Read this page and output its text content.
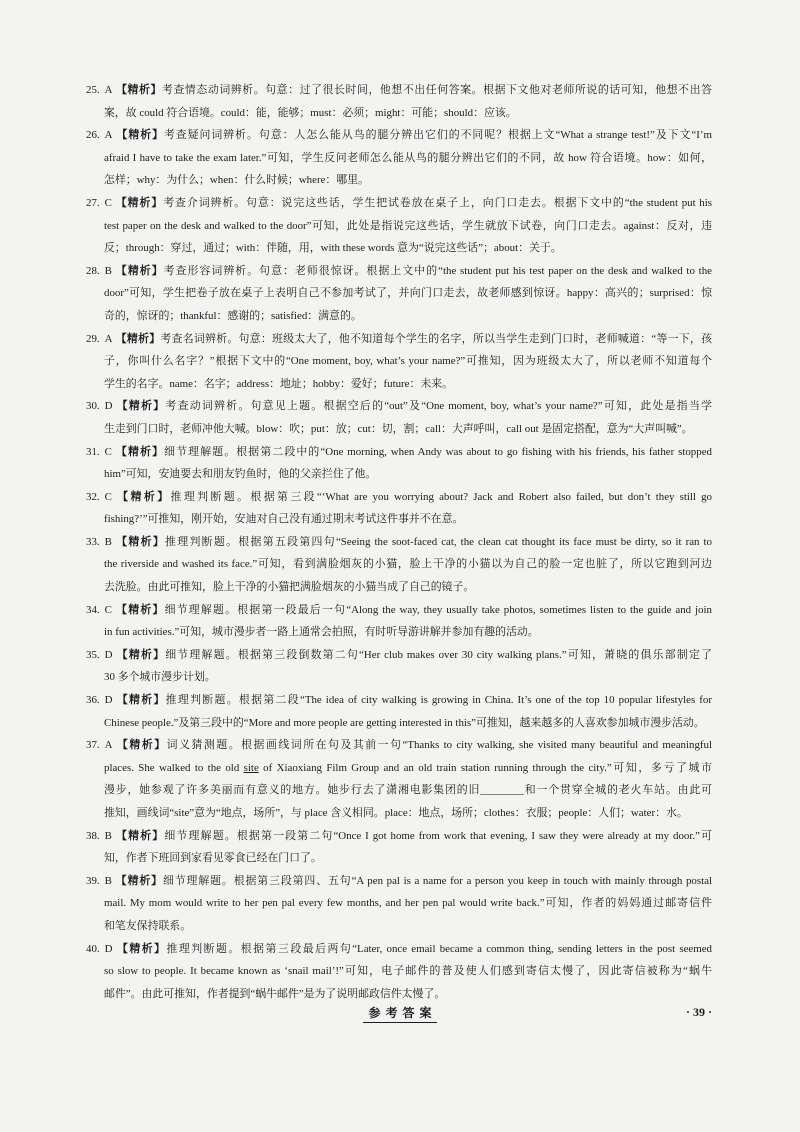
25. A 【精析】考查情态动词辨析。句意：过了很长时间，他想不出任何答案。根据下文他对老师所说的话可知，他想不出答
案，故 could 符合语境。could：能，能够；must：必须；might：可能；should：应该。
26. A 【精析】考查疑问词辨析。句意：人怎么能从鸟的腿分辨出它们的不同呢？根据上文“What a strange test!”及下文“I’m
afraid I have to take the exam later.”可知，学生反问老师怎么能从鸟的腿分辨出它们的不同，故 how 符合语境。how：如何，
怎样；why：为什么；when：什么时候；where：哪里。
27. C 【精析】考查介词辨析。句意：说完这些话，学生把试卷放在桌子上，向门口走去。根据下文中的“the student put his
test paper on the desk and walked to the door”可知，此处是指说完这些话，学生就放下试卷，向门口走去。against：反对，违
反；through：穿过，通过；with：伴随，用，with these words 意为“说完这些话”；about：关于。
28. B 【精析】考查形容词辨析。句意：老师很惊讶。根据上文中的“the student put his test paper on the desk and walked to the
door”可知，学生把卷子放在桌子上表明自己不参加考试了，并向门口走去，故老师感到惊讶。happy：高兴的；surprised：惊
奇的，惊讶的；thankful：感谢的；satisfied：满意的。
29. A 【精析】考查名词辨析。句意：班级太大了，他不知道每个学生的名字，所以当学生走到门口时，老师喊道：“等一下，孩
子，你叫什么名字？”根据下文中的“One moment, boy, what’s your name?”可推知，因为班级太大了，所以老师不知道每个
学生的名字。name：名字；address：地址；hobby：爱好；future：未来。
30. D 【精析】考查动词辨析。句意见上题。根据空后的“out”及“One moment, boy, what’s your name?”可知，此处是指当学
生走到门口时，老师冲他大喊。blow：吹；put：放；cut：切，割；call：大声呼叫，call out 是固定搭配，意为“大声叫喊”。
31. C 【精析】细节理解题。根据第二段中的“One morning, when Andy was about to go fishing with his friends, his father stopped
him”可知，安迪要去和朋友钓鱼时，他的父亲拦住了他。
32. C 【精析】推理判断题。根据第三段“‘What are you worrying about? Jack and Robert also failed, but don’t they still go
fishing?’”可推知，刚开始，安迪对自己没有通过期末考试这件事并不在意。
33. B 【精析】推理判断题。根据第五段第四句“Seeing the soot-faced cat, the clean cat thought its face must be dirty, so it ran to
the riverside and washed its face.”可知，看到满脸烟灰的小猫，脸上干净的小猫以为自己的脸一定也脏了，所以它跑到河边
去洗脸。由此可推知，脸上干净的小猫把满脸烟灰的小猫当成了自己的镜子。
34. C 【精析】细节理解题。根据第一段最后一句“Along the way, they usually take photos, sometimes listen to the guide and join
in fun activities.”可知，城市漫步者一路上通常会拍照，有时听导游讲解并参加有趣的活动。
35. D 【精析】细节理解题。根据第三段倒数第二句“Her club makes over 30 city walking plans.”可知，萧晓的俱乐部制定了
30 多个城市漫步计划。
36. D 【精析】推理判断题。根据第二段“The idea of city walking is growing in China. It’s one of the top 10 popular lifestyles for
Chinese people.”及第三段中的“More and more people are getting interested in this”可推知，越来越多的人喜欢参加城市漫步活动。
37. A 【精析】词义猜测题。根据画线词所在句及其前一句“Thanks to city walking, she visited many beautiful and meaningful
places. She walked to the old site of Xiaoxiang Film Group and an old train station running through the city.”可知，多亏了城市
漫步，她参观了许多美丽而有意义的地方。她步行去了潇湘电影集团的旧________和一个贯穿全城的老火车站。由此可
推知，画线词“site”意为“地点，场所”，与 place 含义相同。place：地点，场所；clothes：衣服；people：人们；water：水。
38. B 【精析】细节理解题。根据第一段第二句“Once I got home from work that evening, I saw they were already at my door.”可
知，作者下班回到家看见零食已经在门口了。
39. B 【精析】细节理解题。根据第三段第四、五句“A pen pal is a name for a person you keep in touch with mainly through postal
mail. My mom would write to her pen pal every few months, and her pen pal would write back.”可知，作者的妈妈通过邮寄信件
和笔友保持联系。
40. D 【精析】推理判断题。根据第三段最后两句“Later, once email became a common thing, sending letters in the post seemed
so slow to people. It became known as ‘snail mail’!”可知，电子邮件的普及使人们感到寄信太慢了，因此寄信被称为“蜗牛
邮件”。由此可推知，作者提到“蜗牛邮件”是为了说明邮政信件太慢了。
参考答案	· 39 ·
